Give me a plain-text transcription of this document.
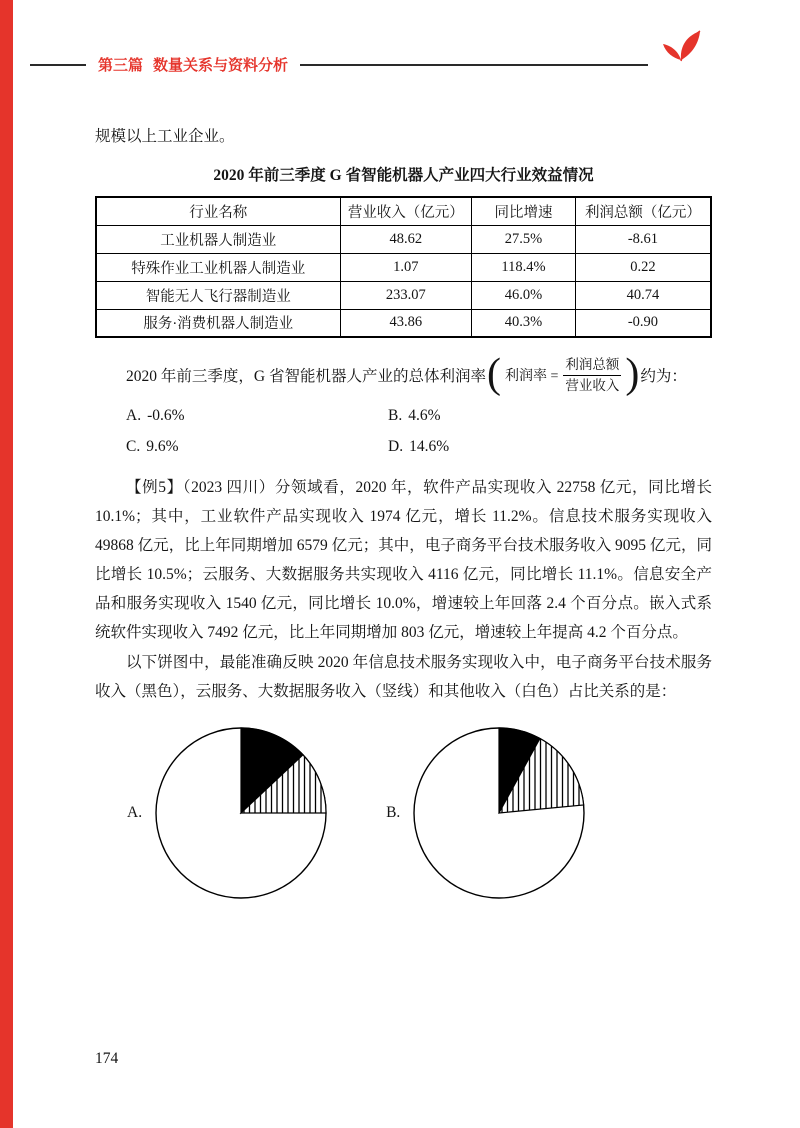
第三篇 数量关系与资料分析
规模以上工业企业。
2020 年前三季度 G 省智能机器人产业四大行业效益情况
行业名称	营业收入（亿元）	同比增速	利润总额（亿元）
工业机器人制造业	48.62	27.5%	-8.61
特殊作业工业机器人制造业	1.07	118.4%	0.22
智能无人飞行器制造业	233.07	46.0%	40.74
服务·消费机器人制造业	43.86	40.3%	-0.90
2020 年前三季度，G 省智能机器人产业的总体利润率 ( 利润率 = $\frac{\text{利润总额}}{\text{营业收入}}$ ) 约为：
A. -0.6%	B. 4.6%
C. 9.6%	D. 14.6%
【例5】（2023 四川）分领域看，2020 年，软件产品实现收入 22758 亿元，同比增长 10.1%；其中，工业软件产品实现收入 1974 亿元，增长 11.2%。信息技术服务实现收入 49868 亿元，比上年同期增加 6579 亿元；其中，电子商务平台技术服务收入 9095 亿元，同比增长 10.5%；云服务、大数据服务共实现收入 4116 亿元，同比增长 11.1%。信息安全产品和服务实现收入 1540 亿元，同比增长 10.0%，增速较上年回落 2.4 个百分点。嵌入式系统软件实现收入 7492 亿元，比上年同期增加 803 亿元，增速较上年提高 4.2 个百分点。
以下饼图中，最能准确反映 2020 年信息技术服务实现收入中，电子商务平台技术服务收入（黑色），云服务、大数据服务收入（竖线）和其他收入（白色）占比关系的是：
A.	B.
174
